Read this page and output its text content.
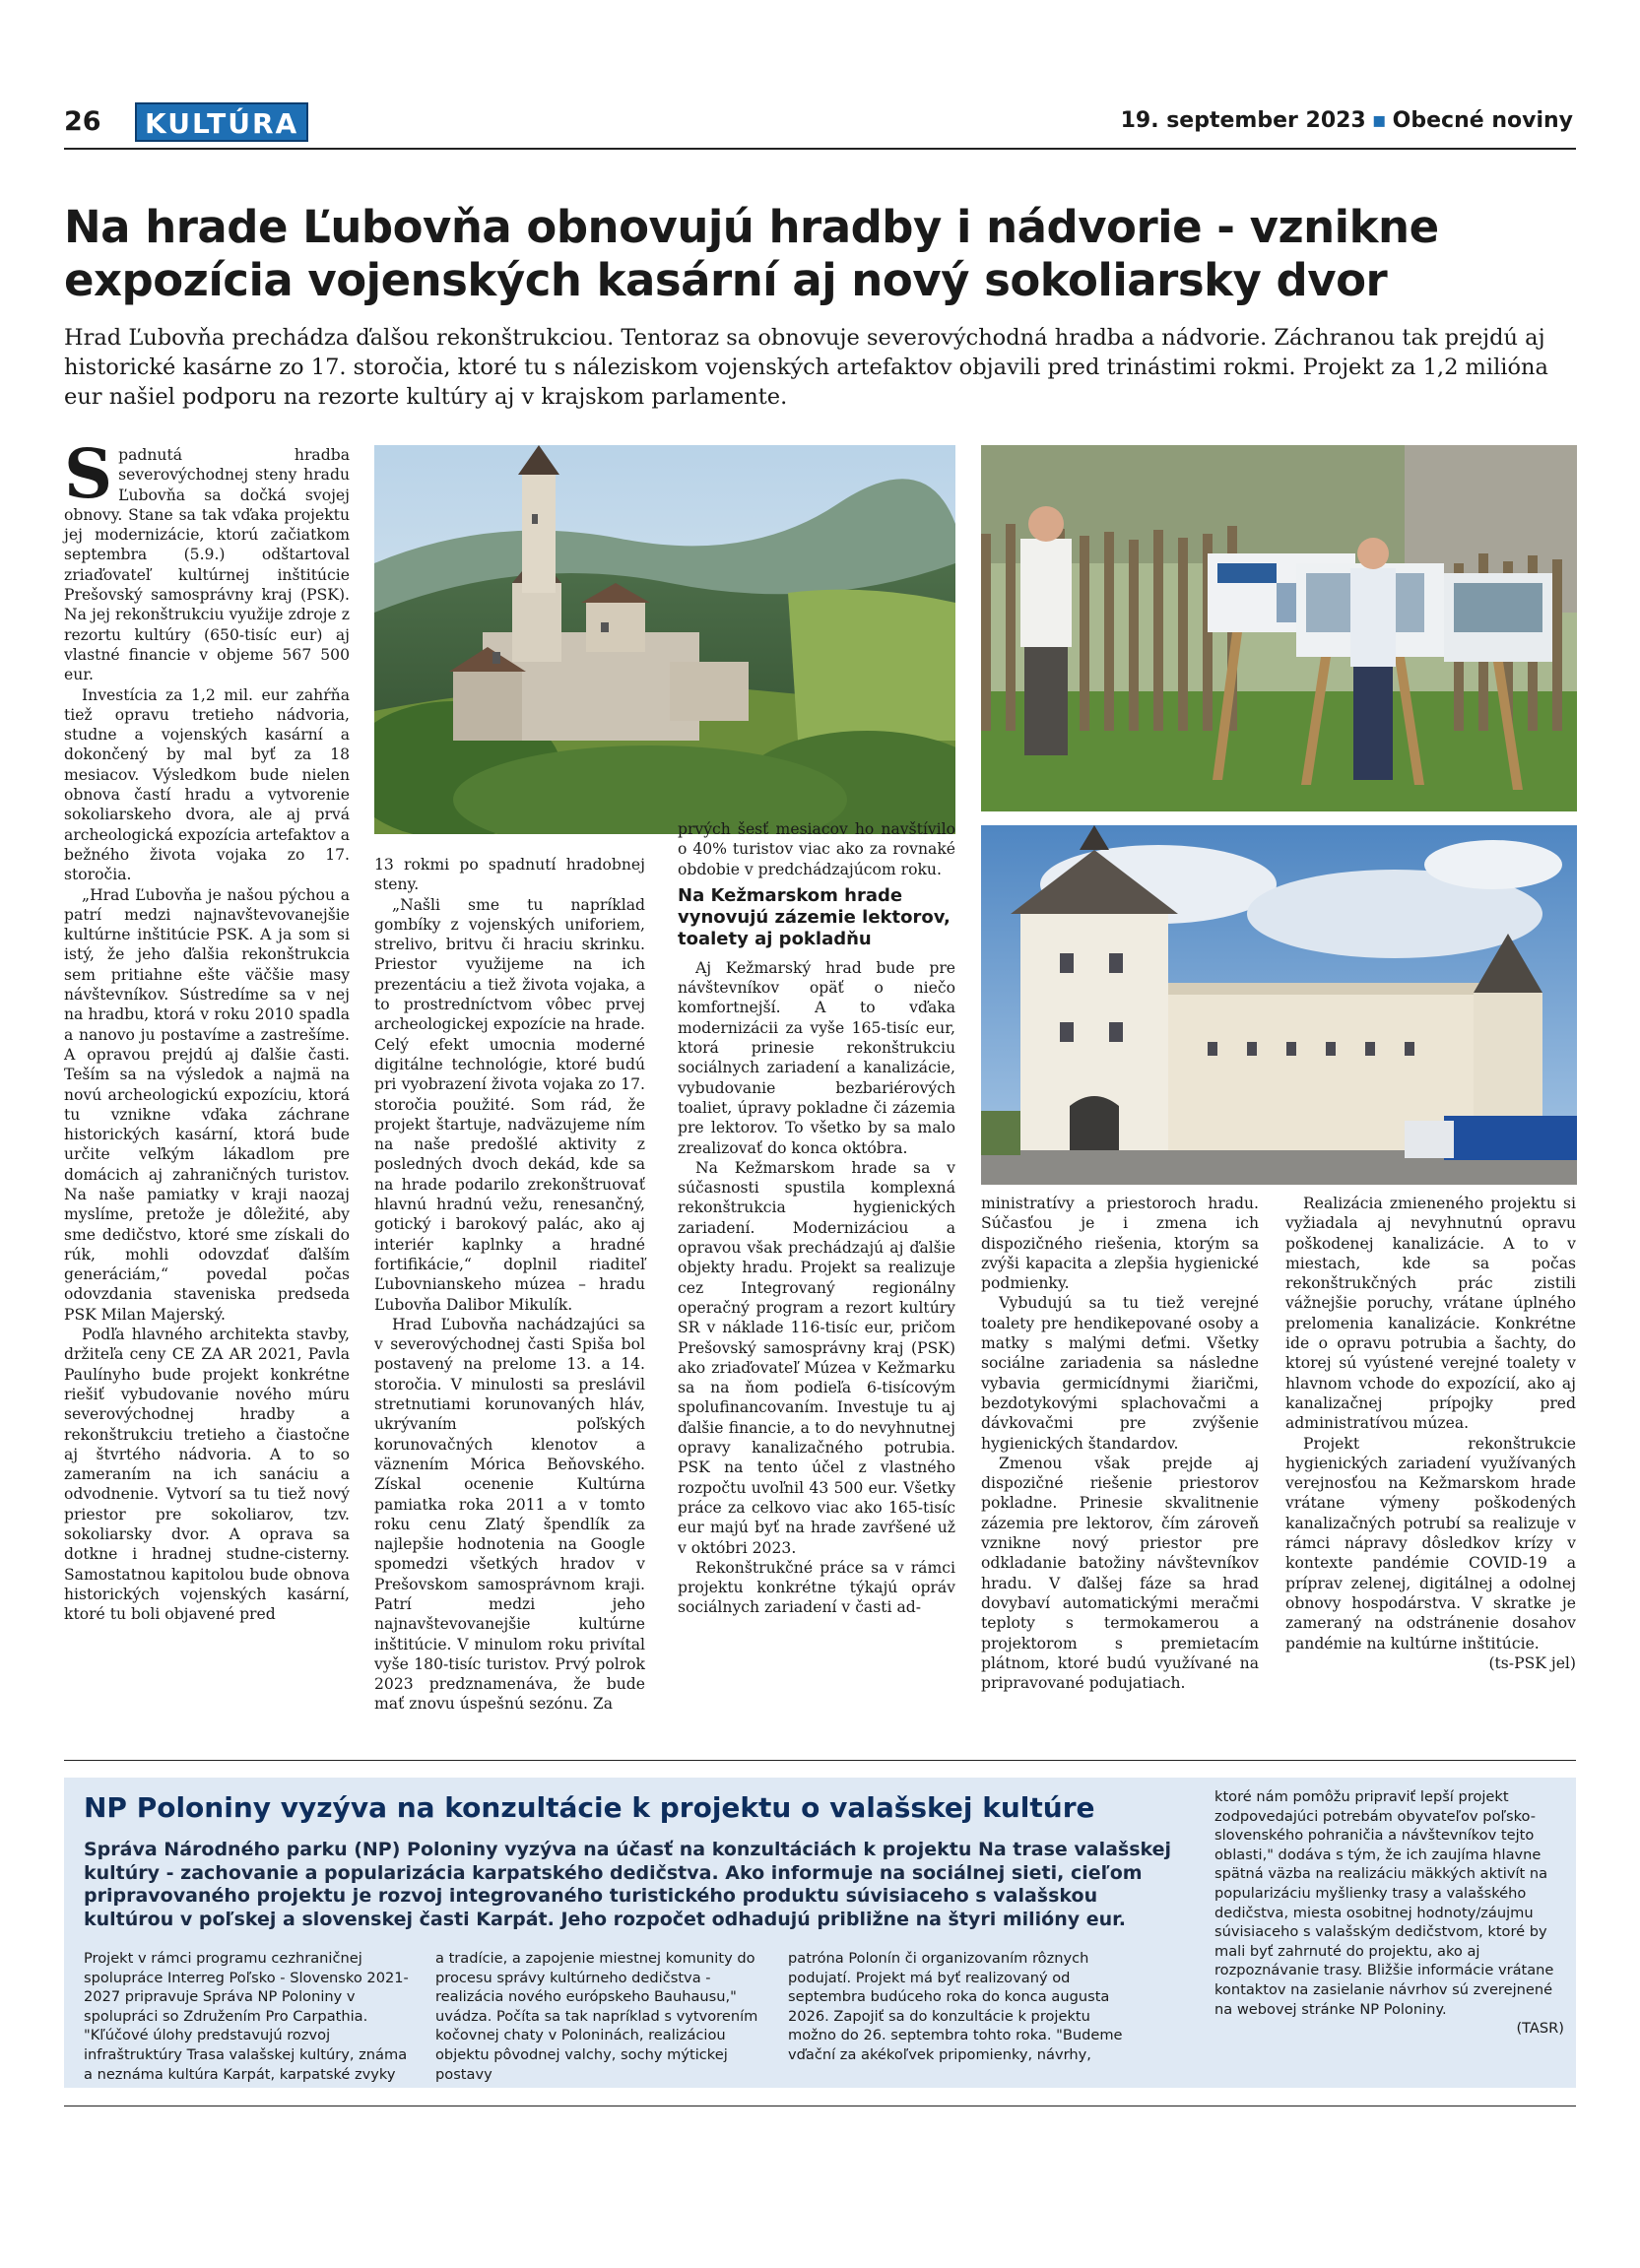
26	KULTÚRA	19. september 2023 ▪ Obecné noviny
Na hrade Ľubovňa obnovujú hradby i nádvorie - vznikne expozícia vojenských kasární aj nový sokoliarsky dvor
Hrad Ľubovňa prechádza ďalšou rekonštrukciou. Tentoraz sa obnovuje severovýchodná hradba a nádvorie. Záchranou tak prejdú aj historické kasárne zo 17. storočia, ktoré tu s náleziskom vojenských artefaktov objavili pred trinástimi rokmi. Projekt za 1,2 milióna eur našiel podporu na rezorte kultúry aj v krajskom parlamente.

Spadnutá hradba severovýchodnej steny hradu Ľubovňa sa dočká svojej obnovy. Stane sa tak vďaka projektu jej modernizácie, ktorú začiatkom septembra (5.9.) odštartoval zriaďovateľ kultúrnej inštitúcie Prešovský samosprávny kraj (PSK). Na jej rekonštrukciu využije zdroje z rezortu kultúry (650-tisíc eur) aj vlastné financie v objeme 567 500 eur.

Investícia za 1,2 mil. eur zahŕňa tiež opravu tretieho nádvoria, studne a vojenských kasární a dokončený by mal byť za 18 mesiacov. Výsledkom bude nielen obnova častí hradu a vytvorenie sokoliarskeho dvora, ale aj prvá archeologická expozícia artefaktov a bežného života vojaka zo 17. storočia.

„Hrad Ľubovňa je našou pýchou a patrí medzi najnavštevovanejšie kultúrne inštitúcie PSK. A ja som si istý, že jeho ďalšia rekonštrukcia sem pritiahne ešte väčšie masy návštevníkov. Sústredíme sa v nej na hradbu, ktorá v roku 2010 spadla a nanovo ju postavíme a zastrešíme. A opravou prejdú aj ďalšie časti. Teším sa na výsledok a najmä na novú archeologickú expozíciu, ktorá tu vznikne vďaka záchrane historických kasární, ktorá bude určite veľkým lákadlom pre domácich aj zahraničných turistov. Na naše pamiatky v kraji naozaj myslíme, pretože je dôležité, aby sme dedičstvo, ktoré sme získali do rúk, mohli odovzdať ďalším generáciám,“ povedal počas odovzdania staveniska predseda PSK Milan Majerský.

Podľa hlavného architekta stavby, držiteľa ceny CE ZA AR 2021, Pavla Paulínyho bude projekt konkrétne riešiť vybudovanie nového múru severovýchodnej hradby a rekonštrukciu tretieho a čiastočne aj štvrtého nádvoria. A to so zameraním na ich sanáciu a odvodnenie. Vytvorí sa tu tiež nový priestor pre sokoliarov, tzv. sokoliarsky dvor. A oprava sa dotkne i hradnej studne-cisterny. Samostatnou kapitolou bude obnova historických vojenských kasární, ktoré tu boli objavené pred

13 rokmi po spadnutí hradobnej steny.

„Našli sme tu napríklad gombíky z vojenských uniforiem, strelivo, britvu či hraciu skrinku. Priestor využijeme na ich prezentáciu a tiež života vojaka, a to prostredníctvom vôbec prvej archeologickej expozície na hrade. Celý efekt umocnia moderné digitálne technológie, ktoré budú pri vyobrazení života vojaka zo 17. storočia použité. Som rád, že projekt štartuje, nadväzujeme ním na naše predošlé aktivity z posledných dvoch dekád, kde sa na hrade podarilo zrekonštruovať hlavnú hradnú vežu, renesančný, gotický i barokový palác, ako aj interiér kaplnky a hradné fortifikácie,“ doplnil riaditeľ Ľubovnianskeho múzea – hradu Ľubovňa Dalibor Mikulík.

Hrad Ľubovňa nachádzajúci sa v severovýchodnej časti Spiša bol postavený na prelome 13. a 14. storočia. V minulosti sa preslávil stretnutiami korunovaných hláv, ukrývaním poľských korunovačných klenotov a väznením Móricа Beňovského. Získal ocenenie Kultúrna pamiatka roka 2011 a v tomto roku cenu Zlatý špendlík za najlepšie hodnotenia na Google spomedzi všetkých hradov v Prešovskom samosprávnom kraji. Patrí medzi jeho najnavštevovanejšie kultúrne inštitúcie. V minulom roku privítal vyše 180-tisíc turistov. Prvý polrok 2023 predznamenáva, že bude mať znovu úspešnú sezónu. Za

prvých šesť mesiacov ho navštívilo o 40% turistov viac ako za rovnaké obdobie v predchádzajúcom roku.

Na Kežmarskom hrade vynovujú zázemie lektorov, toalety aj pokladňu

Aj Kežmarský hrad bude pre návštevníkov opäť o niečo komfortnejší. A to vďaka modernizácii za vyše 165-tisíc eur, ktorá prinesie rekonštrukciu sociálnych zariadení a kanalizácie, vybudovanie bezbariérových toaliet, úpravy pokladne či zázemia pre lektorov. To všetko by sa malo zrealizovať do konca októbra.

Na Kežmarskom hrade sa v súčasnosti spustila komplexná rekonštrukcia hygienických zariadení. Modernizáciou a opravou však prechádzajú aj ďalšie objekty hradu. Projekt sa realizuje cez Integrovaný regionálny operačný program a rezort kultúry SR v náklade 116-tisíc eur, pričom Prešovský samosprávny kraj (PSK) ako zriaďovateľ Múzea v Kežmarku sa na ňom podieľa 6-tisícovým spolufinancovaním. Investuje tu aj ďalšie financie, a to do nevyhnutnej opravy kanalizačného potrubia. PSK na tento účel z vlastného rozpočtu uvoľnil 43 500 eur. Všetky práce za celkovo viac ako 165-tisíc eur majú byť na hrade zavŕšené už v októbri 2023.

Rekonštrukčné práce sa v rámci projektu konkrétne týkajú opráv sociálnych zariadení v časti ad-

ministratívy a priestoroch hradu. Súčasťou je i zmena ich dispozičného riešenia, ktorým sa zvýši kapacita a zlepšia hygienické podmienky.

Vybudujú sa tu tiež verejné toalety pre hendikepované osoby a matky s malými deťmi. Všetky sociálne zariadenia sa následne vybavia germicídnymi žiaričmi, bezdotykovými splachovačmi a dávkovačmi pre zvýšenie hygienických štandardov.

Zmenou však prejde aj dispozičné riešenie priestorov pokladne. Prinesie skvalitnenie zázemia pre lektorov, čím zároveň vznikne nový priestor pre odkladanie batožiny návštevníkov hradu. V ďalšej fáze sa hrad dovybaví automatickými meračmi teploty s termokamerou a projektorom s premietacím plátnom, ktoré budú využívané na pripravované podujatiach.

Realizácia zmieneného projektu si vyžiadala aj nevyhnutnú opravu poškodenej kanalizácie. A to v miestach, kde sa počas rekonštrukčných prác zistili vážnejšie poruchy, vrátane úplného prelomenia kanalizácie. Konkrétne ide o opravu potrubia a šachty, do ktorej sú vyústené verejné toalety v hlavnom vchode do expozícií, ako aj kanalizačnej prípojky pred administratívou múzea.

Projekt rekonštrukcie hygienických zariadení využívaných verejnosťou na Kežmarskom hrade vrátane výmeny poškodených kanalizačných potrubí sa realizuje v rámci nápravy dôsledkov krízy v kontexte pandémie COVID-19 a príprav zelenej, digitálnej a odolnej obnovy hospodárstva. V skratke je zameraný na odstránenie dosahov pandémie na kultúrne inštitúcie.

(ts-PSK jel)

NP Poloniny vyzýva na konzultácie k projektu o valašskej kultúre
Správa Národného parku (NP) Poloniny vyzýva na účasť na konzultáciách k projektu Na trase valašskej kultúry - zachovanie a popularizácia karpatského dedičstva. Ako informuje na sociálnej sieti, cieľom pripravovaného projektu je rozvoj integrovaného turistického produktu súvisiaceho s valašskou kultúrou v poľskej a slovenskej časti Karpát. Jeho rozpočet odhadujú približne na štyri milióny eur.

Projekt v rámci programu cezhraničnej spolupráce Interreg Poľsko - Slovensko 2021-2027 pripravuje Správa NP Poloniny v spolupráci so Združením Pro Carpathia. "Kľúčové úlohy predstavujú rozvoj infraštruktúry Trasa valašskej kultúry, známa a neznáma kultúra Karpát, karpatské zvyky

a tradície, a zapojenie miestnej komunity do procesu správy kultúrneho dedičstva - realizácia nového európskeho Bauhausu," uvádza. Počíta sa tak napríklad s vytvorením kočovnej chaty v Poloninách, realizáciou objektu pôvodnej valchy, sochy mýtickej postavy

patróna Polonín či organizovaním rôznych podujatí. Projekt má byť realizovaný od septembra budúceho roka do konca augusta 2026. Zapojiť sa do konzultácie k projektu možno do 26. septembra tohto roka. "Budeme vďační za akékoľvek pripomienky, návrhy,

ktoré nám pomôžu pripraviť lepší projekt zodpovedajúci potrebám obyvateľov poľsko-slovenského pohraničia a návštevníkov tejto oblasti," dodáva s tým, že ich zaujíma hlavne spätná väzba na realizáciu mäkkých aktivít na popularizáciu myšlienky trasy a valašského dedičstva, miesta osobitnej hodnoty/záujmu súvisiaceho s valašským dedičstvom, ktoré by mali byť zahrnuté do projektu, ako aj rozpoznávanie trasy. Bližšie informácie vrátane kontaktov na zasielanie návrhov sú zverejnené na webovej stránke NP Poloniny.

(TASR)
